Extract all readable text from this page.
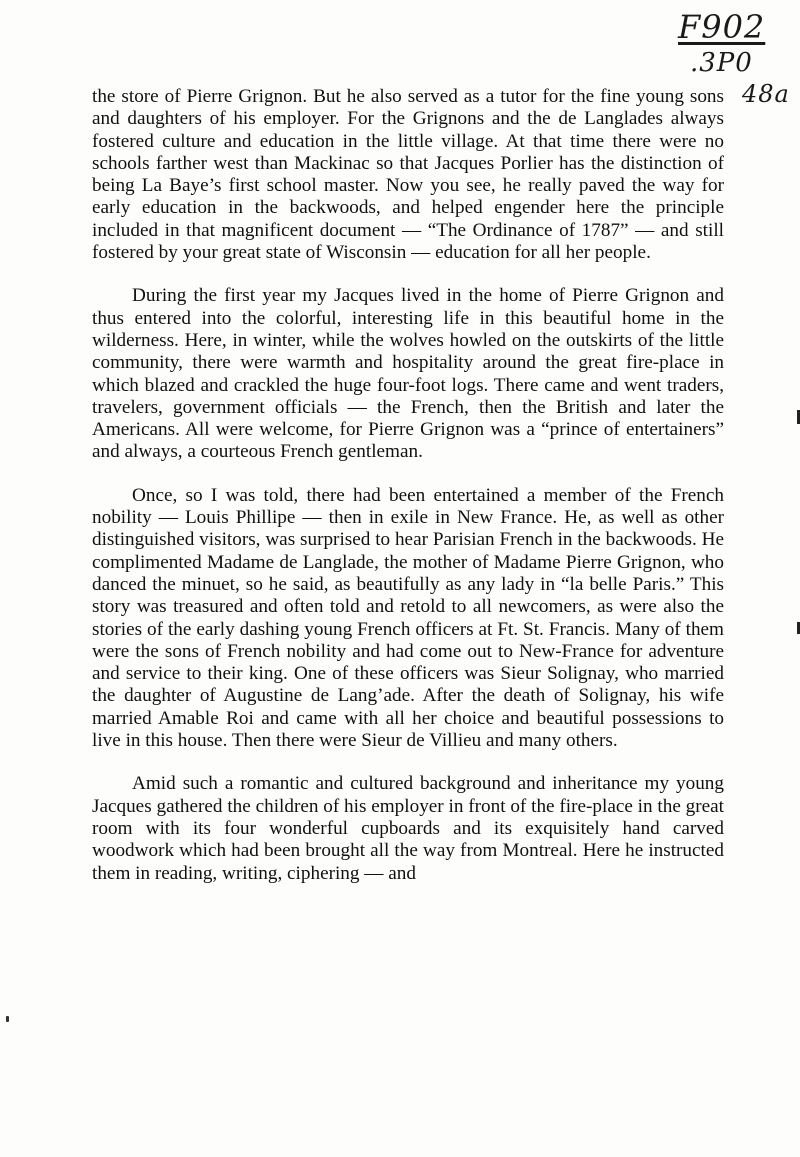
F902
.3P0
48a

the store of Pierre Grignon. But he also served as a tutor for the fine young sons and daughters of his employer. For the Grignons and the de Langlades always fostered culture and education in the little village. At that time there were no schools farther west than Mackinac so that Jacques Porlier has the distinction of being La Baye’s first school master. Now you see, he really paved the way for early education in the backwoods, and helped engender here the principle included in that magnificent document — “The Ordinance of 1787” — and still fostered by your great state of Wisconsin — education for all her people.

During the first year my Jacques lived in the home of Pierre Grignon and thus entered into the colorful, interesting life in this beautiful home in the wilderness. Here, in winter, while the wolves howled on the outskirts of the little community, there were warmth and hospitality around the great fire-place in which blazed and crackled the huge four-foot logs. There came and went traders, travelers, government officials — the French, then the British and later the Americans. All were welcome, for Pierre Grignon was a “prince of entertainers” and always, a courteous French gentleman.

Once, so I was told, there had been entertained a member of the French nobility — Louis Phillipe — then in exile in New France. He, as well as other distinguished visitors, was surprised to hear Parisian French in the backwoods. He complimented Madame de Langlade, the mother of Madame Pierre Grignon, who danced the minuet, so he said, as beautifully as any lady in “la belle Paris.” This story was treasured and often told and retold to all newcomers, as were also the stories of the early dashing young French officers at Ft. St. Francis. Many of them were the sons of French nobility and had come out to New-France for adventure and service to their king. One of these officers was Sieur Solignay, who married the daughter of Augustine de Lang’ade. After the death of Solignay, his wife married Amable Roi and came with all her choice and beautiful possessions to live in this house. Then there were Sieur de Villieu and many others.

Amid such a romantic and cultured background and inheritance my young Jacques gathered the children of his employer in front of the fire-place in the great room with its four wonderful cupboards and its exquisitely hand carved woodwork which had been brought all the way from Montreal. Here he instructed them in reading, writing, ciphering — and
